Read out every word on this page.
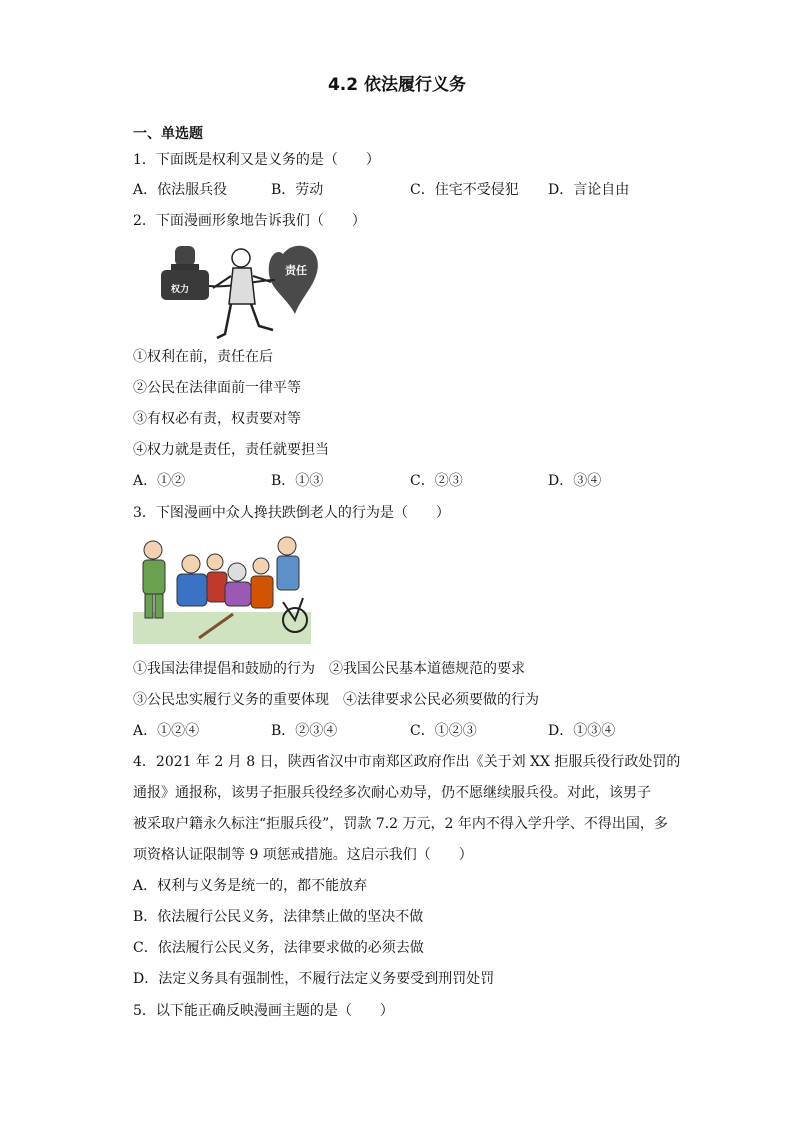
4.2 依法履行义务
一、单选题
1．下面既是权利又是义务的是（　　）
A．依法服兵役	B．劳动	C．住宅不受侵犯 D．言论自由
2．下面漫画形象地告诉我们（　　）
权力
责任
①权利在前，责任在后
②公民在法律面前一律平等
③有权必有责，权责要对等
④权力就是责任，责任就要担当
A．①②	B．①③	C．②③	D．③④
3．下图漫画中众人搀扶跌倒老人的行为是（　　）
①我国法律提倡和鼓励的行为　②我国公民基本道德规范的要求
③公民忠实履行义务的重要体现　④法律要求公民必须要做的行为
A．①②④	B．②③④	C．①②③	D．①③④
4．2021 年 2 月 8 日，陕西省汉中市南郑区政府作出《关于刘 XX 拒服兵役行政处罚的
通报》通报称，该男子拒服兵役经多次耐心劝导，仍不愿继续服兵役。对此，该男子
被采取户籍永久标注“拒服兵役”，罚款 7.2 万元，2 年内不得入学升学、不得出国，多
项资格认证限制等 9 项惩戒措施。这启示我们（　　）
A．权利与义务是统一的，都不能放弃
B．依法履行公民义务，法律禁止做的坚决不做
C．依法履行公民义务，法律要求做的必须去做
D．法定义务具有强制性，不履行法定义务要受到刑罚处罚
5．以下能正确反映漫画主题的是（　　）
